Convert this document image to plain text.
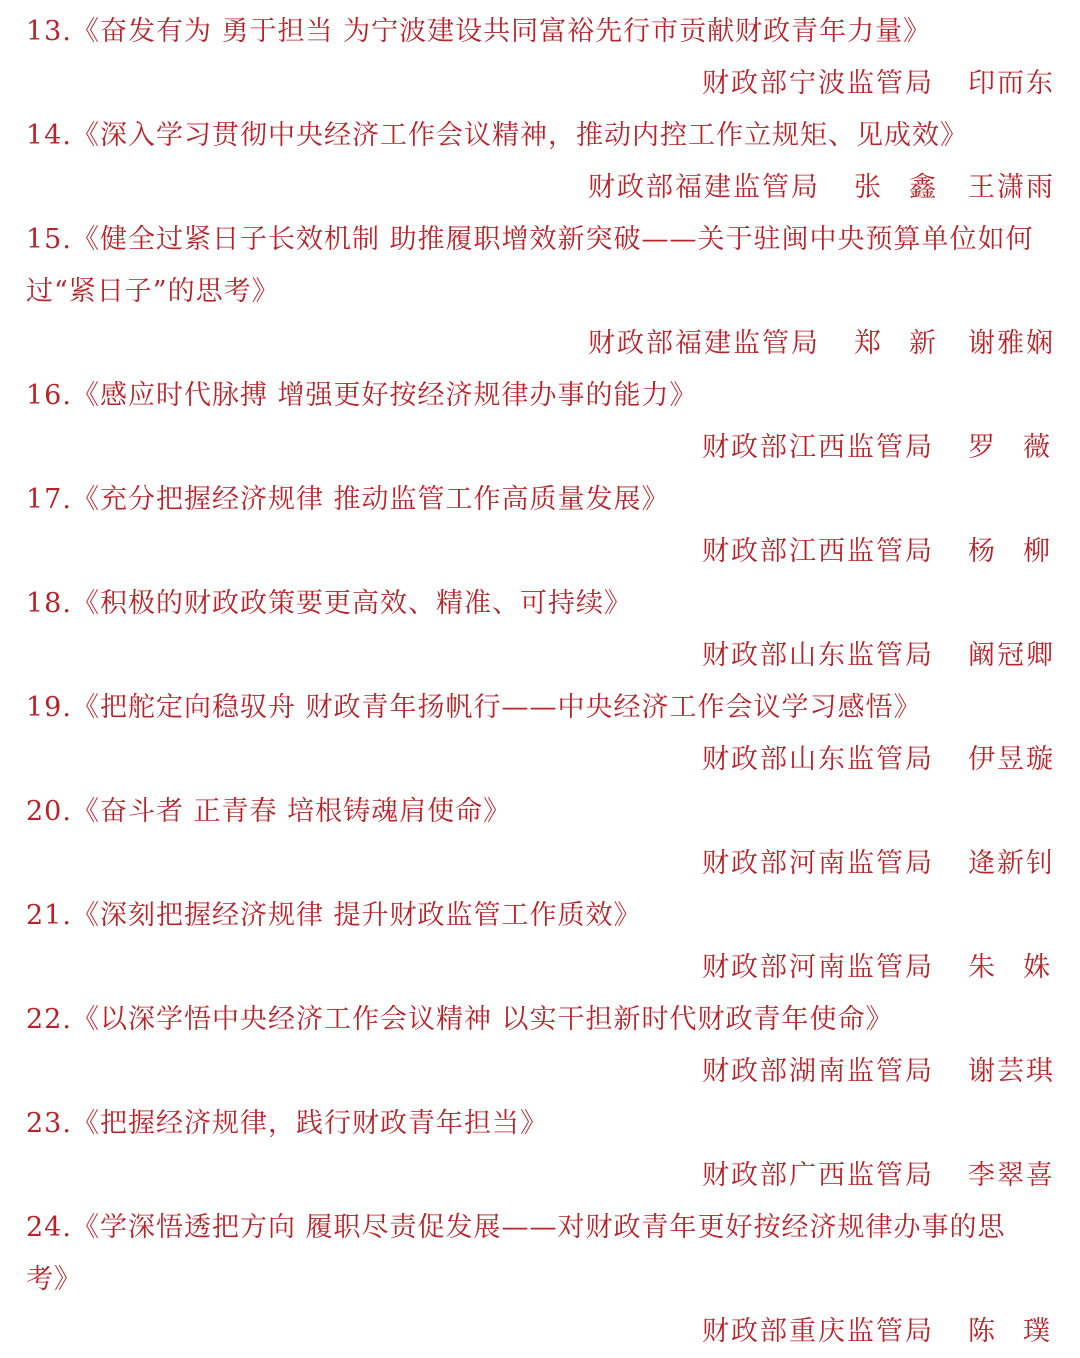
13.《奋发有为 勇于担当 为宁波建设共同富裕先行市贡献财政青年力量》
财政部宁波监管局 印而东
14.《深入学习贯彻中央经济工作会议精神，推动内控工作立规矩、见成效》
财政部福建监管局 张 鑫 王潇雨
15.《健全过紧日子长效机制 助推履职增效新突破——关于驻闽中央预算单位如何
过“紧日子”的思考》
财政部福建监管局 郑 新 谢雅娴
16.《感应时代脉搏 增强更好按经济规律办事的能力》
财政部江西监管局 罗 薇
17.《充分把握经济规律 推动监管工作高质量发展》
财政部江西监管局 杨 柳
18.《积极的财政政策要更高效、精准、可持续》
财政部山东监管局 阚冠卿
19.《把舵定向稳驭舟 财政青年扬帆行——中央经济工作会议学习感悟》
财政部山东监管局 伊昱璇
20.《奋斗者 正青春 培根铸魂肩使命》
财政部河南监管局 逄新钊
21.《深刻把握经济规律 提升财政监管工作质效》
财政部河南监管局 朱 姝
22.《以深学悟中央经济工作会议精神 以实干担新时代财政青年使命》
财政部湖南监管局 谢芸琪
23.《把握经济规律，践行财政青年担当》
财政部广西监管局 李翠喜
24.《学深悟透把方向 履职尽责促发展——对财政青年更好按经济规律办事的思
考》
财政部重庆监管局 陈 璞
